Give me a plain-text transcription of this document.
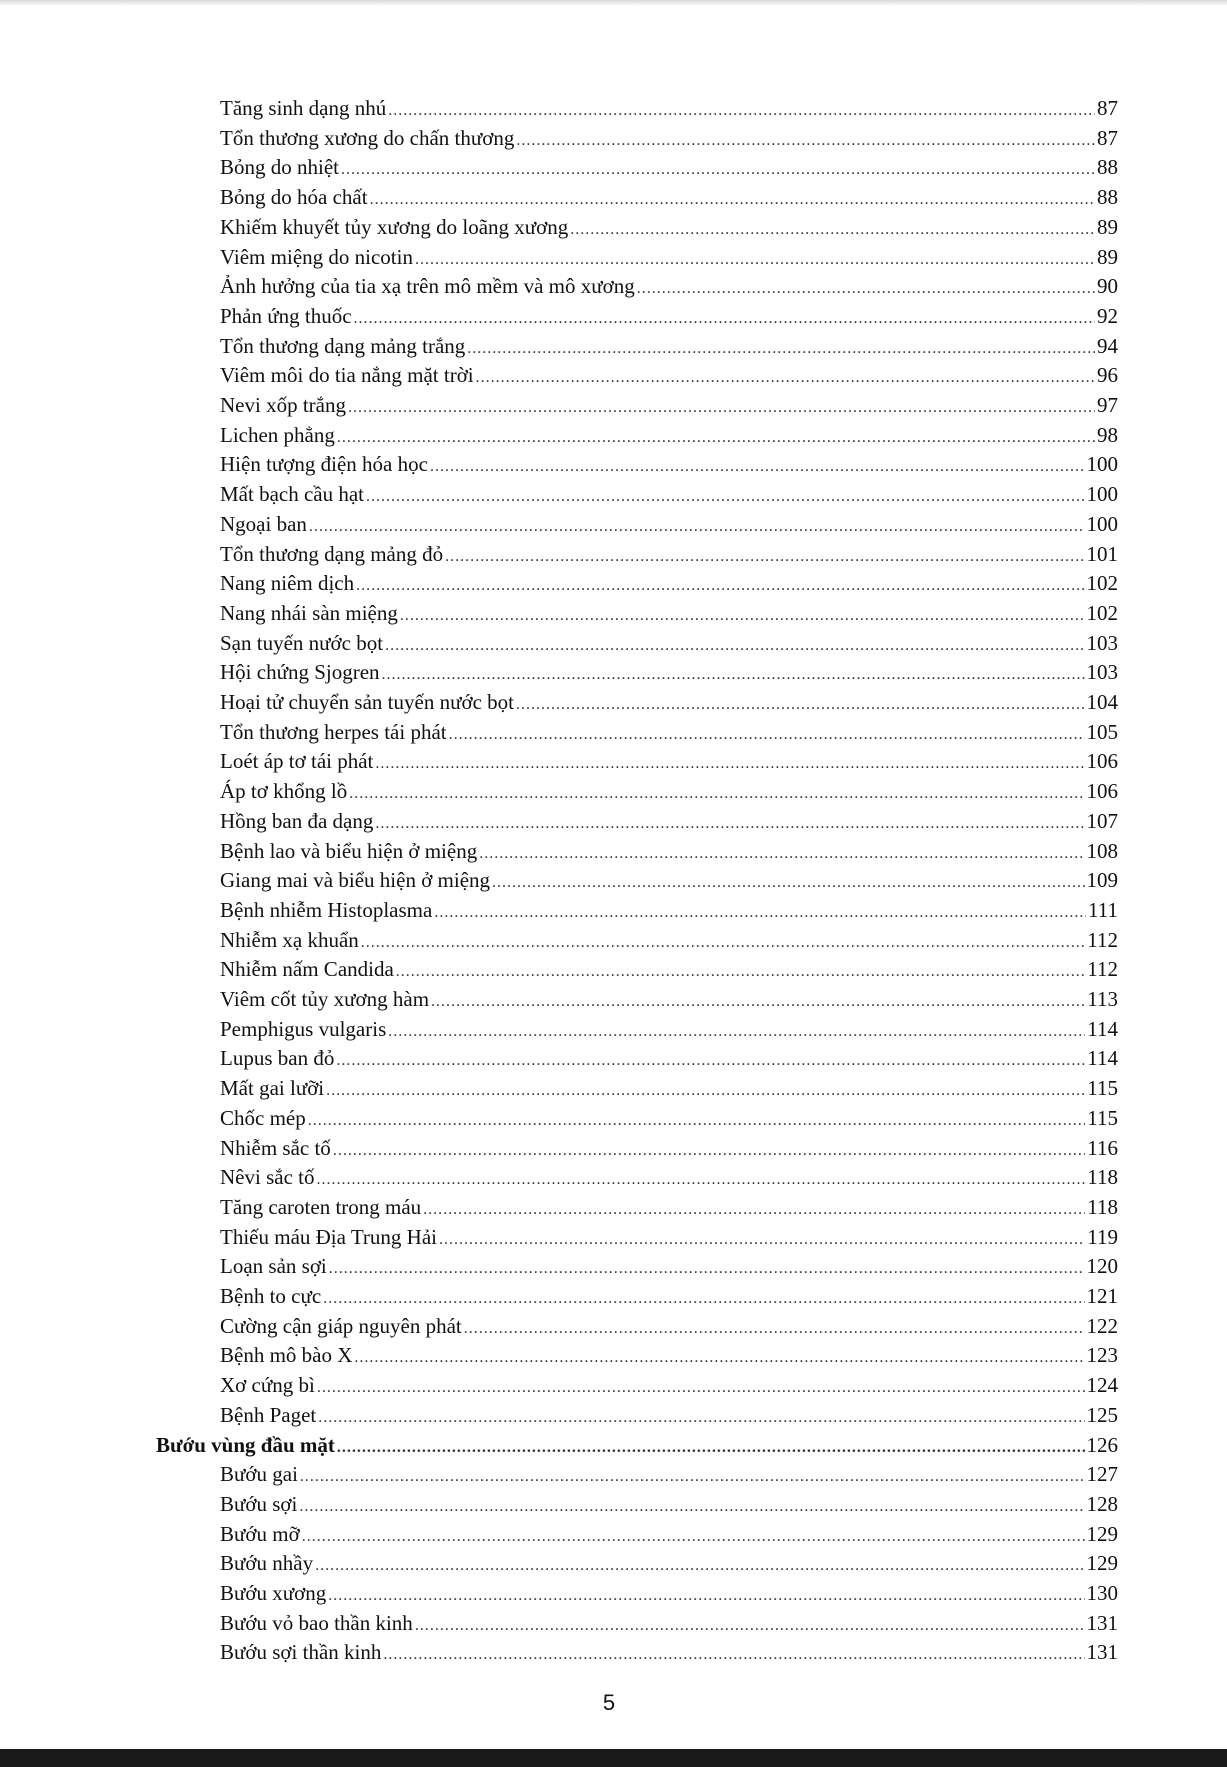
Tăng sinh dạng nhú .....	87
Tổn thương xương do chấn thương .....	87
Bỏng do nhiệt .....	88
Bỏng do hóa chất .....	88
Khiếm khuyết tủy xương do loãng xương .....	89
Viêm miệng do nicotin .....	89
Ảnh hưởng của tia xạ trên mô mềm và mô xương .....	90
Phản ứng thuốc .....	92
Tổn thương dạng mảng trắng .....	94
Viêm môi do tia nắng mặt trời .....	96
Nevi xốp trắng .....	97
Lichen phẳng .....	98
Hiện tượng điện hóa học .....	100
Mất bạch cầu hạt .....	100
Ngoại ban .....	100
Tổn thương dạng mảng đỏ .....	101
Nang niêm dịch .....	102
Nang nhái sàn miệng .....	102
Sạn tuyến nước bọt .....	103
Hội chứng Sjogren .....	103
Hoại tử chuyển sản tuyến nước bọt .....	104
Tổn thương herpes tái phát .....	105
Loét áp tơ tái phát .....	106
Áp tơ khổng lồ .....	106
Hồng ban đa dạng .....	107
Bệnh lao và biểu hiện ở miệng .....	108
Giang mai và biểu hiện ở miệng .....	109
Bệnh nhiễm Histoplasma .....	111
Nhiễm xạ khuẩn .....	112
Nhiễm nấm Candida .....	112
Viêm cốt tủy xương hàm .....	113
Pemphigus vulgaris .....	114
Lupus ban đỏ .....	114
Mất gai lưỡi .....	115
Chốc mép .....	115
Nhiễm sắc tố .....	116
Nêvi sắc tố .....	118
Tăng caroten trong máu .....	118
Thiếu máu Địa Trung Hải .....	119
Loạn sản sợi .....	120
Bệnh to cực .....	121
Cường cận giáp nguyên phát .....	122
Bệnh mô bào X .....	123
Xơ cứng bì .....	124
Bệnh Paget .....	125
Bướu vùng đầu mặt .....	126
Bướu gai .....	127
Bướu sợi .....	128
Bướu mỡ .....	129
Bướu nhầy .....	129
Bướu xương .....	130
Bướu vỏ bao thần kinh .....	131
Bướu sợi thần kinh .....	131
5
